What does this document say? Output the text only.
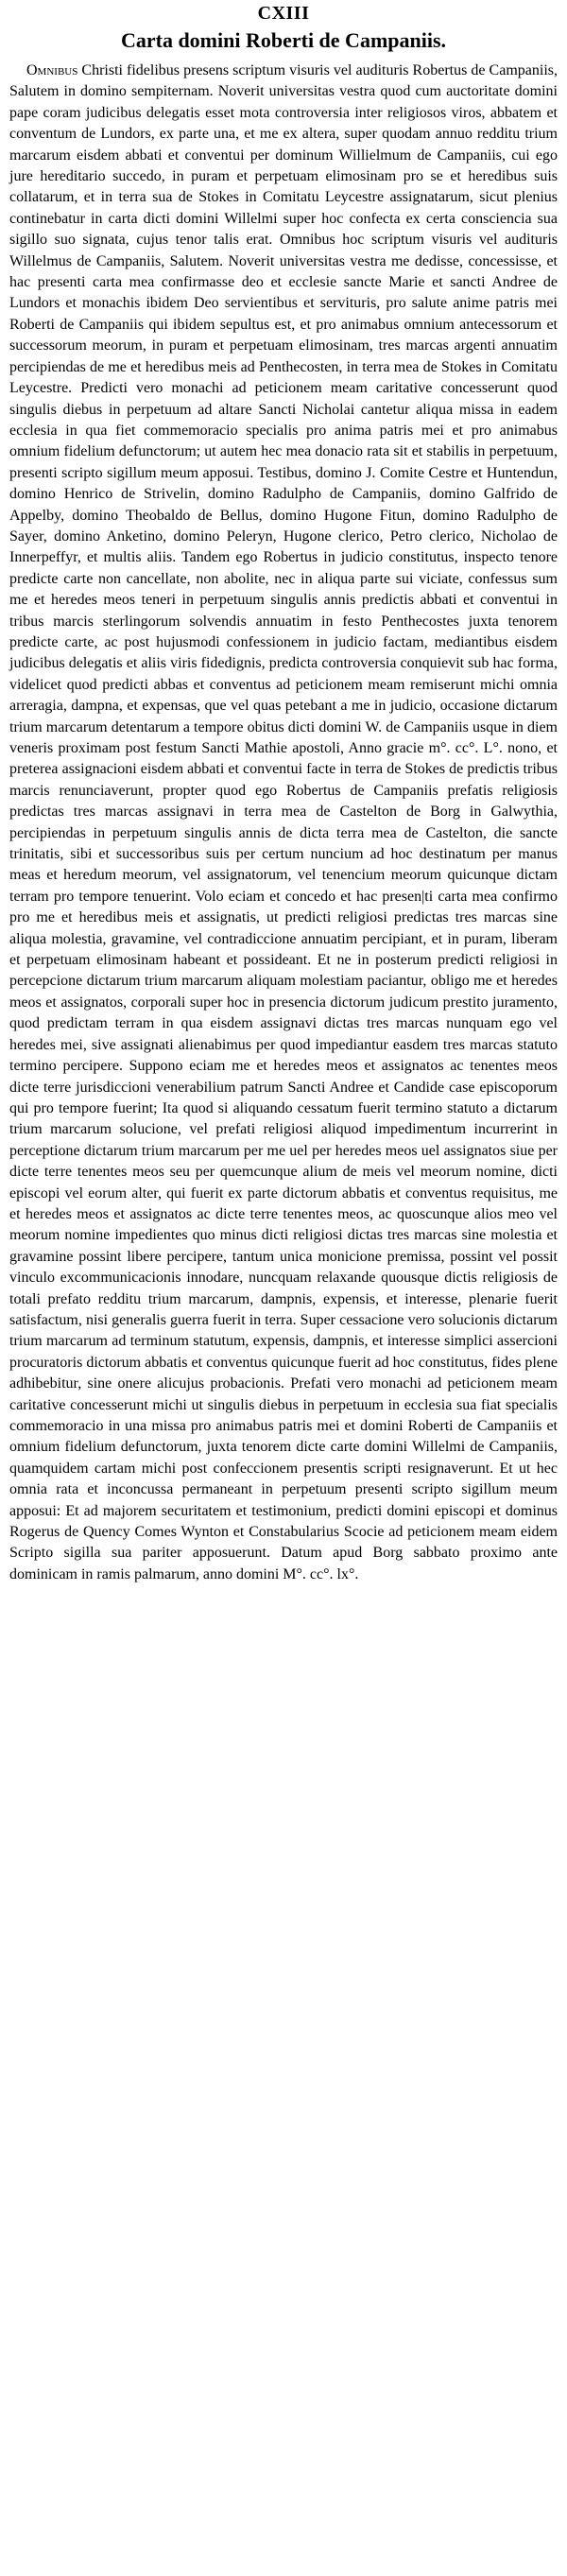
CXIII
Carta domini Roberti de Campaniis.

Omnibus Christi fidelibus presens scriptum visuris vel audituris Robertus de Campaniis, Salutem in domino sempiternam. Noverit universitas vestra quod cum auctoritate domini pape coram judicibus delegatis esset mota controversia inter religiosos viros, abbatem et conventum de Lundors, ex parte una, et me ex altera, super quodam annuo redditu trium marcarum eisdem abbati et conventui per dominum Willielmum de Campaniis, cui ego jure hereditario succedo, in puram et perpetuam elimosinam pro se et heredibus suis collatarum, et in terra sua de Stokes in Comitatu Leycestre assignatarum, sicut plenius continebatur in carta dicti domini Willelmi super hoc confecta ex certa consciencia sua sigillo suo signata, cujus tenor talis erat. Omnibus hoc scriptum visuris vel audituris Willelmus de Campaniis, Salutem. Noverit universitas vestra me dedisse, concessisse, et hac presenti carta mea confirmasse deo et ecclesie sancte Marie et sancti Andree de Lundors et monachis ibidem Deo servientibus et servituris, pro salute anime patris mei Roberti de Campaniis qui ibidem sepultus est, et pro animabus omnium antecessorum et successorum meorum, in puram et perpetuam elimosinam, tres marcas argenti annuatim percipiendas de me et heredibus meis ad Penthecosten, in terra mea de Stokes in Comitatu Leycestre. Predicti vero monachi ad peticionem meam caritative concesserunt quod singulis diebus in perpetuum ad altare Sancti Nicholai cantetur aliqua missa in eadem ecclesia in qua fiet commemoracio specialis pro anima patris mei et pro animabus omnium fidelium defunctorum; ut autem hec mea donacio rata sit et stabilis in perpetuum, presenti scripto sigillum meum apposui. Testibus, domino J. Comite Cestre et Huntendun, domino Henrico de Strivelin, domino Radulpho de Campaniis, domino Galfrido de Appelby, domino Theobaldo de Bellus, domino Hugone Fitun, domino Radulpho de Sayer, domino Anketino, domino Peleryn, Hugone clerico, Petro clerico, Nicholao de Innerpeffyr, et multis aliis. Tandem ego Robertus in judicio constitutus, inspecto tenore predicte carte non cancellate, non abolite, nec in aliqua parte sui viciate, confessus sum me et heredes meos teneri in perpetuum singulis annis predictis abbati et conventui in tribus marcis sterlingorum solvendis annuatim in festo Penthecostes juxta tenorem predicte carte, ac post hujusmodi confessionem in judicio factam, mediantibus eisdem judicibus delegatis et aliis viris fidedignis, predicta controversia conquievit sub hac forma, videlicet quod predicti abbas et conventus ad peticionem meam remiserunt michi omnia arreragia, dampna, et expensas, que vel quas petebant a me in judicio, occasione dictarum trium marcarum detentarum a tempore obitus dicti domini W. de Campaniis usque in diem veneris proximam post festum Sancti Mathie apostoli, Anno gracie m°. cc°. L°. nono, et preterea assignacioni eisdem abbati et conventui facte in terra de Stokes de predictis tribus marcis renunciaverunt, propter quod ego Robertus de Campaniis prefatis religiosis predictas tres marcas assignavi in terra mea de Castelton de Borg in Galwythia, percipiendas in perpetuum singulis annis de dicta terra mea de Castelton, die sancte trinitatis, sibi et successoribus suis per certum nuncium ad hoc destinatum per manus meas et heredum meorum, vel assignatorum, vel tenencium meorum quicunque dictam terram pro tempore tenuerint. Volo eciam et concedo et hac presen|ti carta mea confirmo pro me et heredibus meis et assignatis, ut predicti religiosi predictas tres marcas sine aliqua molestia, gravamine, vel contradiccione annuatim percipiant, et in puram, liberam et perpetuam elimosinam habeant et possideant. Et ne in posterum predicti religiosi in percepcione dictarum trium marcarum aliquam molestiam paciantur, obligo me et heredes meos et assignatos, corporali super hoc in presencia dictorum judicum prestito juramento, quod predictam terram in qua eisdem assignavi dictas tres marcas nunquam ego vel heredes mei, sive assignati alienabimus per quod impediantur easdem tres marcas statuto termino percipere. Suppono eciam me et heredes meos et assignatos ac tenentes meos dicte terre jurisdiccioni venerabilium patrum Sancti Andree et Candide case episcoporum qui pro tempore fuerint; Ita quod si aliquando cessatum fuerit termino statuto a dictarum trium marcarum solucione, vel prefati religiosi aliquod impedimentum incurrerint in perceptione dictarum trium marcarum per me uel per heredes meos uel assignatos siue per dicte terre tenentes meos seu per quemcunque alium de meis vel meorum nomine, dicti episcopi vel eorum alter, qui fuerit ex parte dictorum abbatis et conventus requisitus, me et heredes meos et assignatos ac dicte terre tenentes meos, ac quoscunque alios meo vel meorum nomine impedientes quo minus dicti religiosi dictas tres marcas sine molestia et gravamine possint libere percipere, tantum unica monicione premissa, possint vel possit vinculo excommunicacionis innodare, nuncquam relaxande quousque dictis religiosis de totali prefato redditu trium marcarum, dampnis, expensis, et interesse, plenarie fuerit satisfactum, nisi generalis guerra fuerit in terra. Super cessacione vero solucionis dictarum trium marcarum ad terminum statutum, expensis, dampnis, et interesse simplici assercioni procuratoris dictorum abbatis et conventus quicunque fuerit ad hoc constitutus, fides plene adhibebitur, sine onere alicujus probacionis. Prefati vero monachi ad peticionem meam caritative concesserunt michi ut singulis diebus in perpetuum in ecclesia sua fiat specialis commemoracio in una missa pro animabus patris mei et domini Roberti de Campaniis et omnium fidelium defunctorum, juxta tenorem dicte carte domini Willelmi de Campaniis, quamquidem cartam michi post confeccionem presentis scripti resignaverunt. Et ut hec omnia rata et inconcussa permaneant in perpetuum presenti scripto sigillum meum apposui: Et ad majorem securitatem et testimonium, predicti domini episcopi et dominus Rogerus de Quency Comes Wynton et Constabularius Scocie ad peticionem meam eidem Scripto sigilla sua pariter apposuerunt. Datum apud Borg sabbato proximo ante dominicam in ramis palmarum, anno domini M°. cc°. lx°.
